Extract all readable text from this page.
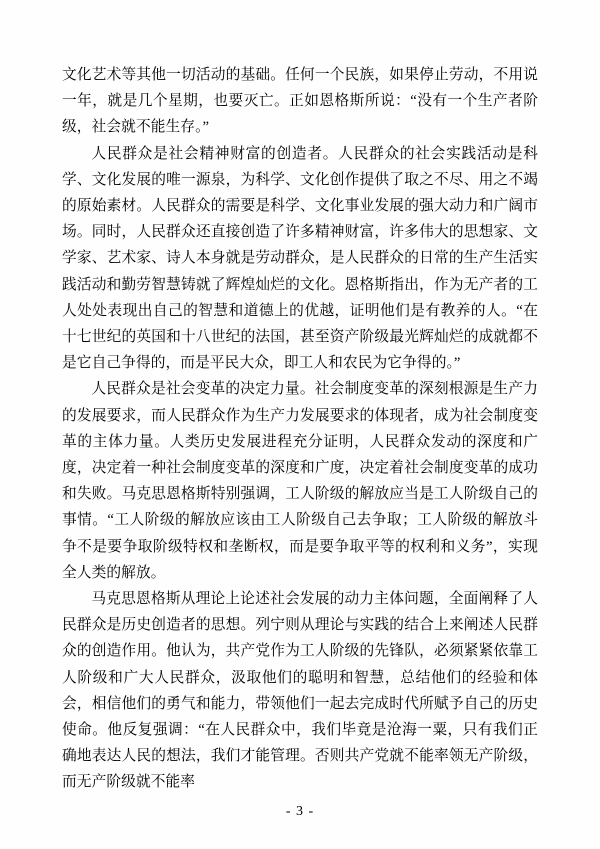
文化艺术等其他一切活动的基础。任何一个民族，如果停止劳动，不用说一年，就是几个星期，也要灭亡。正如恩格斯所说：“没有一个生产者阶级，社会就不能生存。”

人民群众是社会精神财富的创造者。人民群众的社会实践活动是科学、文化发展的唯一源泉，为科学、文化创作提供了取之不尽、用之不竭的原始素材。人民群众的需要是科学、文化事业发展的强大动力和广阔市场。同时，人民群众还直接创造了许多精神财富，许多伟大的思想家、文学家、艺术家、诗人本身就是劳动群众，是人民群众的日常的生产生活实践活动和勤劳智慧铸就了辉煌灿烂的文化。恩格斯指出，作为无产者的工人处处表现出自己的智慧和道德上的优越，证明他们是有教养的人。“在十七世纪的英国和十八世纪的法国，甚至资产阶级最光辉灿烂的成就都不是它自己争得的，而是平民大众，即工人和农民为它争得的。”

人民群众是社会变革的决定力量。社会制度变革的深刻根源是生产力的发展要求，而人民群众作为生产力发展要求的体现者，成为社会制度变革的主体力量。人类历史发展进程充分证明，人民群众发动的深度和广度，决定着一种社会制度变革的深度和广度，决定着社会制度变革的成功和失败。马克思恩格斯特别强调，工人阶级的解放应当是工人阶级自己的事情。“工人阶级的解放应该由工人阶级自己去争取；工人阶级的解放斗争不是要争取阶级特权和垄断权，而是要争取平等的权利和义务”，实现全人类的解放。

马克思恩格斯从理论上论述社会发展的动力主体问题，全面阐释了人民群众是历史创造者的思想。列宁则从理论与实践的结合上来阐述人民群众的创造作用。他认为，共产党作为工人阶级的先锋队，必须紧紧依靠工人阶级和广大人民群众，汲取他们的聪明和智慧，总结他们的经验和体会，相信他们的勇气和能力，带领他们一起去完成时代所赋予自己的历史使命。他反复强调：“在人民群众中，我们毕竟是沧海一粟，只有我们正确地表达人民的想法，我们才能管理。否则共产党就不能率领无产阶级，而无产阶级就不能率

- 3 -
